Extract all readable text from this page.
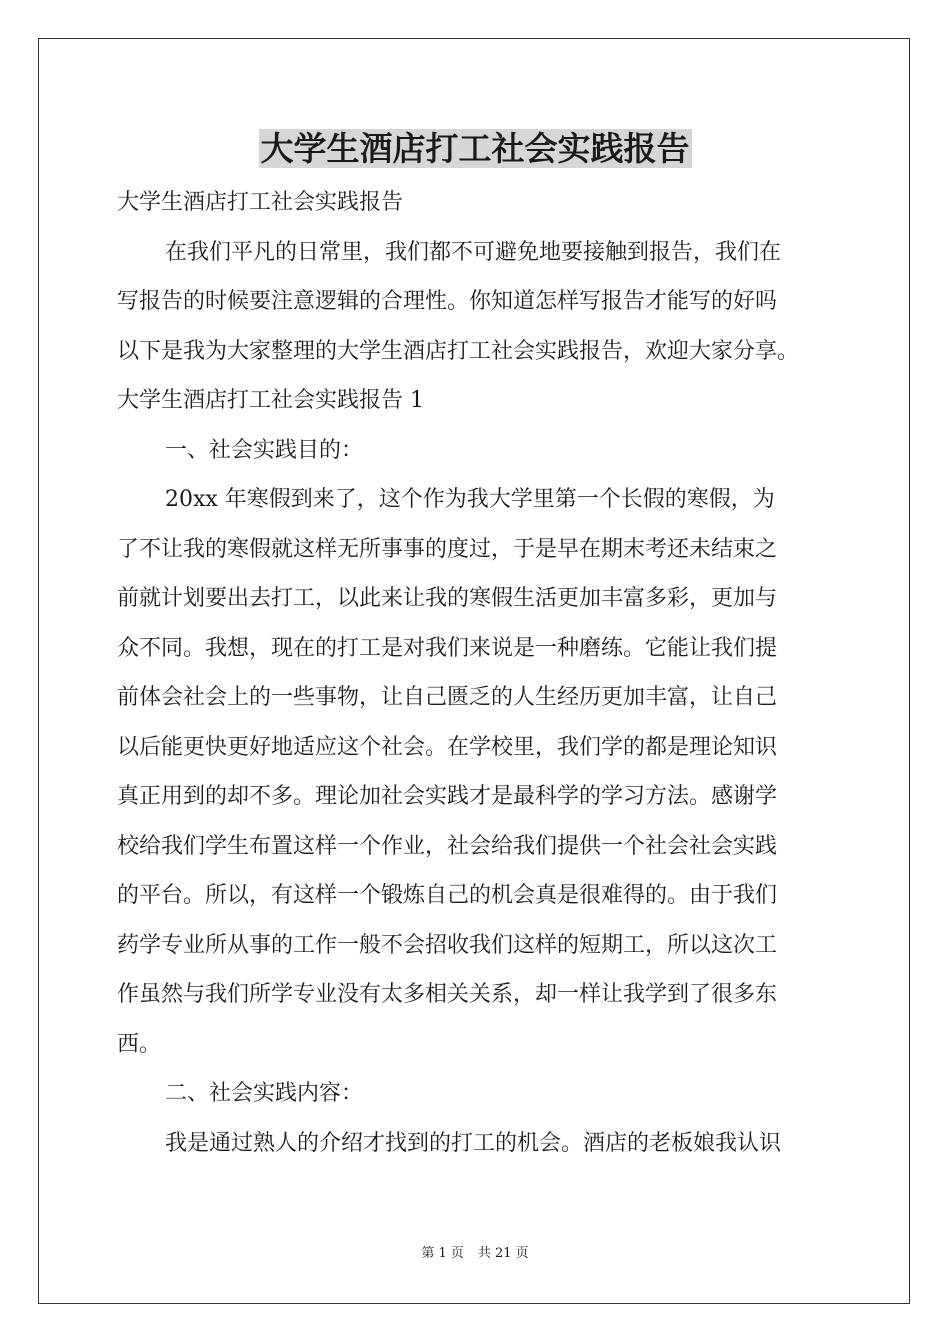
大学生酒店打工社会实践报告
大学生酒店打工社会实践报告
在我们平凡的日常里，我们都不可避免地要接触到报告，我们在
写报告的时候要注意逻辑的合理性。你知道怎样写报告才能写的好吗
以下是我为大家整理的大学生酒店打工社会实践报告，欢迎大家分享。
大学生酒店打工社会实践报告 1
一、社会实践目的：
20xx 年寒假到来了，这个作为我大学里第一个长假的寒假，为
了不让我的寒假就这样无所事事的度过，于是早在期末考还未结束之
前就计划要出去打工，以此来让我的寒假生活更加丰富多彩，更加与
众不同。我想，现在的打工是对我们来说是一种磨练。它能让我们提
前体会社会上的一些事物，让自己匮乏的人生经历更加丰富，让自己
以后能更快更好地适应这个社会。在学校里，我们学的都是理论知识
真正用到的却不多。理论加社会实践才是最科学的学习方法。感谢学
校给我们学生布置这样一个作业，社会给我们提供一个社会社会实践
的平台。所以，有这样一个锻炼自己的机会真是很难得的。由于我们
药学专业所从事的工作一般不会招收我们这样的短期工，所以这次工
作虽然与我们所学专业没有太多相关关系，却一样让我学到了很多东
西。
二、社会实践内容：
我是通过熟人的介绍才找到的打工的机会。酒店的老板娘我认识
第 1 页 共 21 页
